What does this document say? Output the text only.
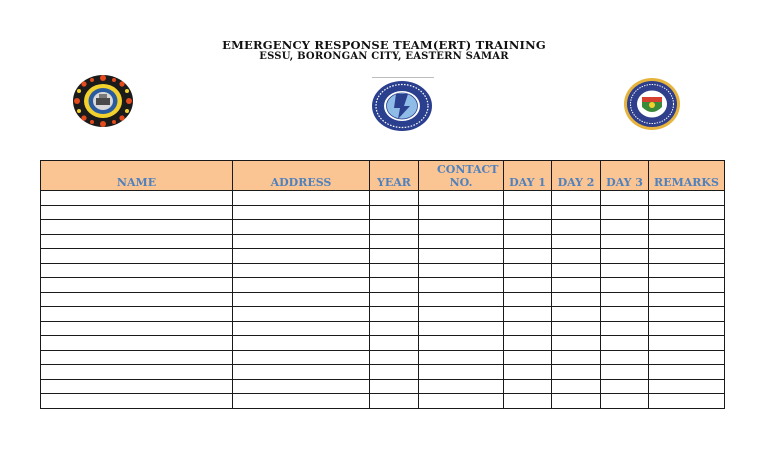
EMERGENCY RESPONSE TEAM(ERT) TRAINING
ESSU, BORONGAN CITY, EASTERN SAMAR
NAME	ADDRESS	YEAR	CONTACT NO.	DAY 1	DAY 2	DAY 3	REMARKS
